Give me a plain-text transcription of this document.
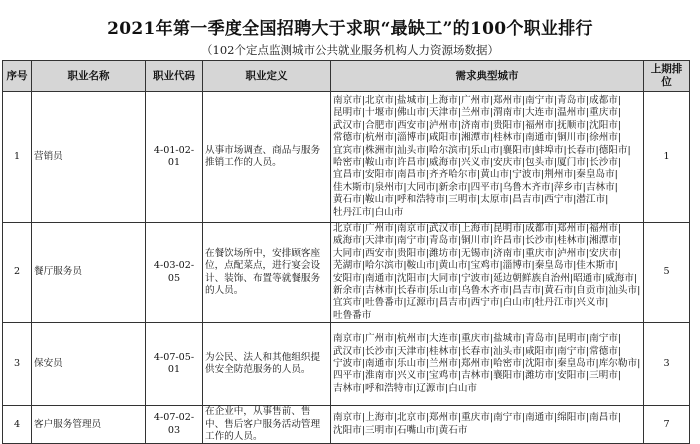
2021年第一季度全国招聘大于求职“最缺工”的100个职业排行
（102个定点监测城市公共就业服务机构人力资源场数据）
序号	职业名称	职业代码	职业定义	需求典型城市	上期排位
1	营销员	4-01-02-01	从事市场调查、商品与服务推销工作的人员。	南京市|北京市|盐城市|上海市|广州市|郑州市|南宁市|青岛市|成都市|昆明市|十堰市|佛山市|天津市|兰州市|渭南市|大连市|温州市|重庆市|武汉市|合肥市|西安市|泸州市|济南市|贵阳市|福州市|抚顺市|沈阳市|常德市|杭州市|淄博市|咸阳市|湘潭市|桂林市|南通市|铜川市|徐州市|宜宾市|株洲市|汕头市|哈尔滨市|乐山市|襄阳市|蚌埠市|长春市|德阳市|哈密市|鞍山市|许昌市|威海市|兴义市|安庆市|包头市|厦门市|长沙市|宜昌市|安阳市|南昌市|齐齐哈尔市|黄山市|宁波市|荆州市|秦皇岛市|佳木斯市|泉州市|大同市|新余市|四平市|乌鲁木齐市|萍乡市|吉林市|黄石市|鞍山市|呼和浩特市|三明市|太原市|昌吉市|西宁市|潜江市|牡丹江市|白山市	1
2	餐厅服务员	4-03-02-05	在餐饮场所中，安排顾客座位，点配菜点，进行宴会设计、装饰、布置等就餐服务的人员。	北京市|广州市|南京市|武汉市|上海市|昆明市|成都市|郑州市|福州市|威海市|天津市|南宁市|青岛市|铜川市|许昌市|长沙市|桂林市|湘潭市|大同市|西安市|贵阳市|潍坊市|无锡市|济南市|重庆市|泸州市|安庆市|芜湖市|哈尔滨市|鞍山市|黄山市|宝鸡市|淄博市|秦皇岛市|佳木斯市|安阳市|南通市|沈阳市|大同市|宁波市|延边朝鲜族自治州|昭通市|威海市|新余市|吉林市|长春市|乐山市|乌鲁木齐市|昌吉市|黄石市|自贡市|汕头市|宜宾市|吐鲁番市|辽源市|昌吉市|西宁市|白山市|牡丹江市|兴义市|吐鲁番市	5
3	保安员	4-07-05-01	为公民、法人和其他组织提供安全防范服务的人员。	南京市|广州市|杭州市|大连市|重庆市|盐城市|青岛市|昆明市|南宁市|武汉市|长沙市|天津市|桂林市|长春市|汕头市|咸阳市|南宁市|常德市|宁波市|南通市|乐山市|兰州市|郑州市|哈密市|沈阳市|秦皇岛市|库尔勒市|四平市|淮南市|兴义市|宝鸡市|吉林市|襄阳市|潍坊市|安阳市|三明市|吉林市|呼和浩特市|辽源市|白山市	3
4	客户服务管理员	4-07-02-03	在企业中，从事售前、售中、售后客户服务活动管理工作的人员。	南京市|上海市|北京市|郑州市|重庆市|南宁市|南通市|绵阳市|南昌市|沈阳市|三明市|石嘴山市|黄石市	7
